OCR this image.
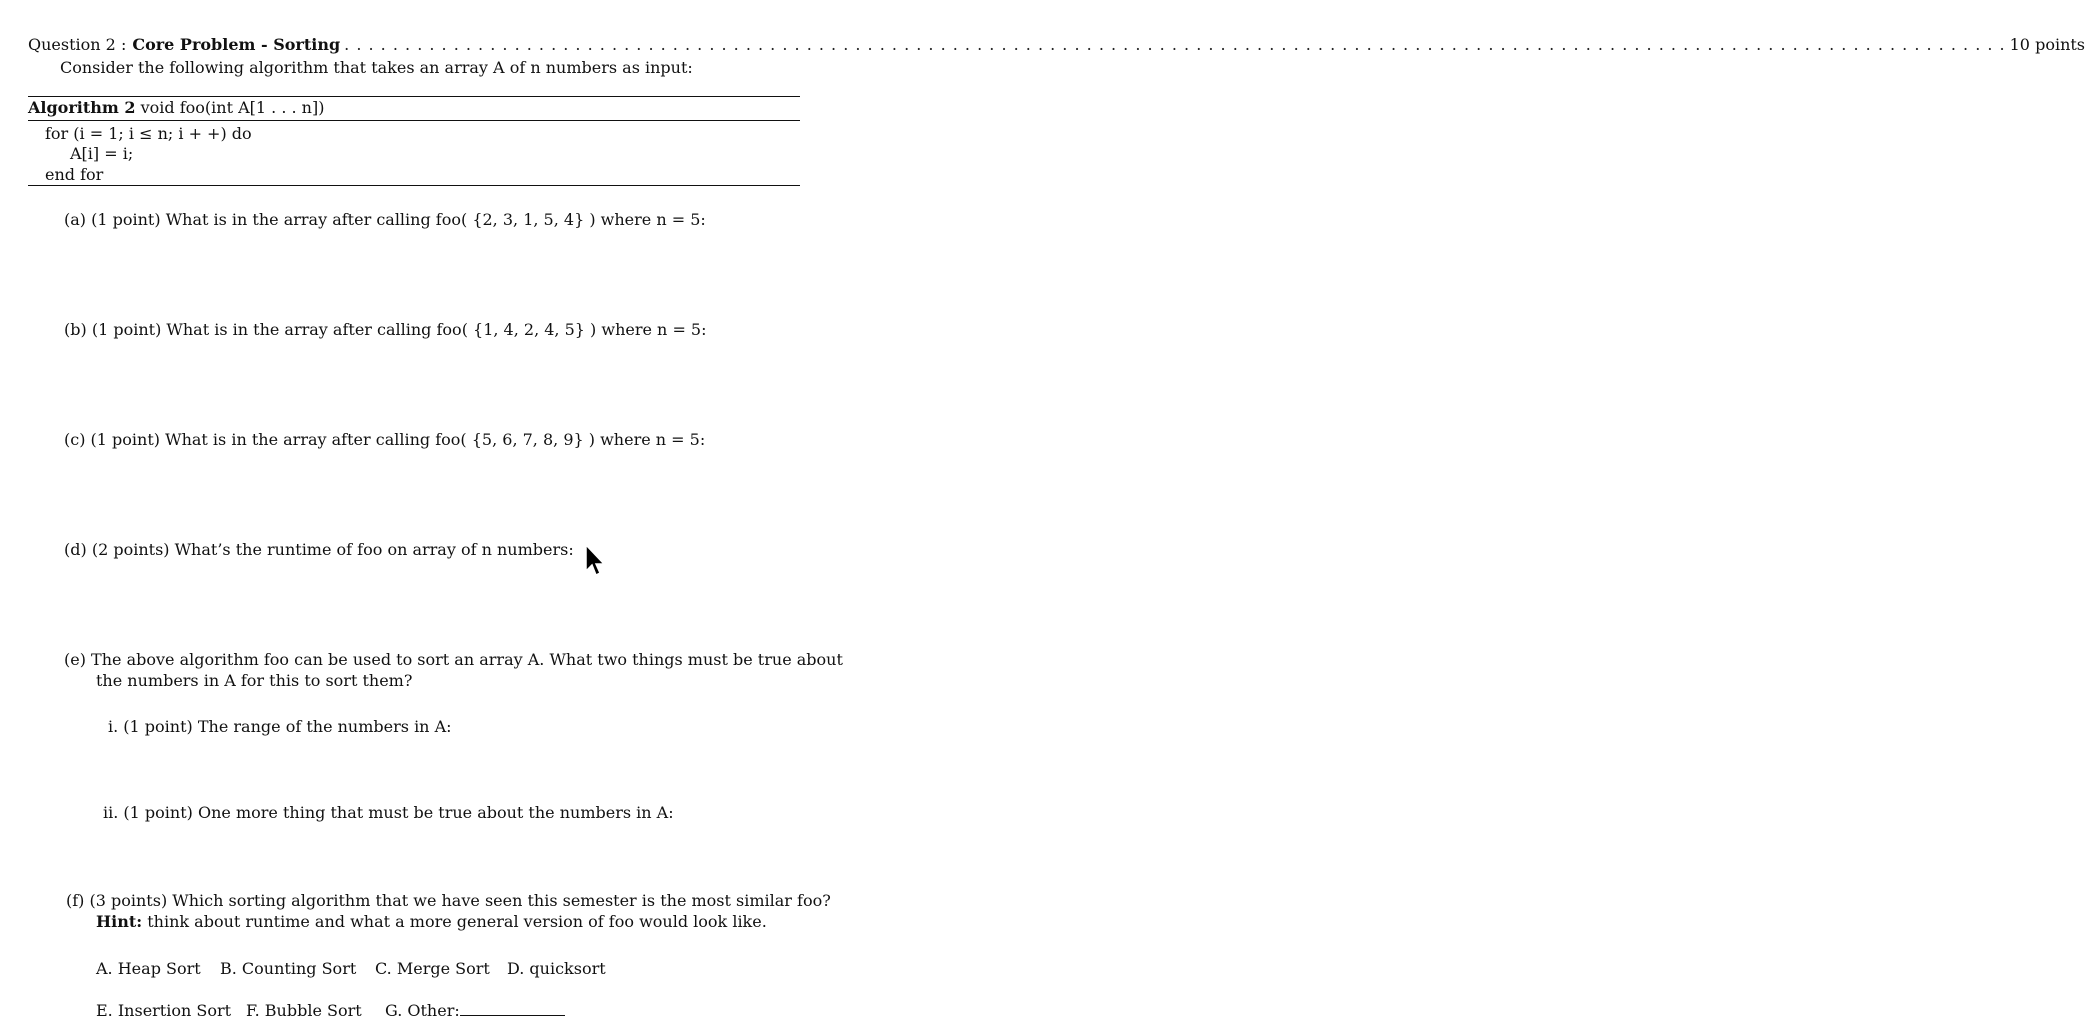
Question 2 : Core Problem - Sorting . . . . . . . . . . . . . . . . . . . . . . . . . . . . . . . . . . . . . . . . . . . . . . . . . . . . . . . . . . . . . . . . . . . . . . . . . . . . . . . . . . . . . . . . . . . . . . . . . . . . . . . . . . . . . . . . . . . . . . . . . . . . . . . . . . . . . . . . . 10 points
Consider the following algorithm that takes an array A of n numbers as input:
Algorithm 2 void foo(int A[1 . . . n])
for (i = 1; i ≤ n; i + +) do
A[i] = i;
end for
(a) (1 point) What is in the array after calling foo( {2, 3, 1, 5, 4} ) where n = 5:
(b) (1 point) What is in the array after calling foo( {1, 4, 2, 4, 5} ) where n = 5:
(c) (1 point) What is in the array after calling foo( {5, 6, 7, 8, 9} ) where n = 5:
(d) (2 points) What’s the runtime of foo on array of n numbers:
(e) The above algorithm foo can be used to sort an array A. What two things must be true about
the numbers in A for this to sort them?
i. (1 point) The range of the numbers in A:
ii. (1 point) One more thing that must be true about the numbers in A:
(f) (3 points) Which sorting algorithm that we have seen this semester is the most similar foo?
Hint: think about runtime and what a more general version of foo would look like.
A. Heap Sort B. Counting Sort C. Merge Sort D. quicksort
E. Insertion Sort F. Bubble Sort G. Other:
